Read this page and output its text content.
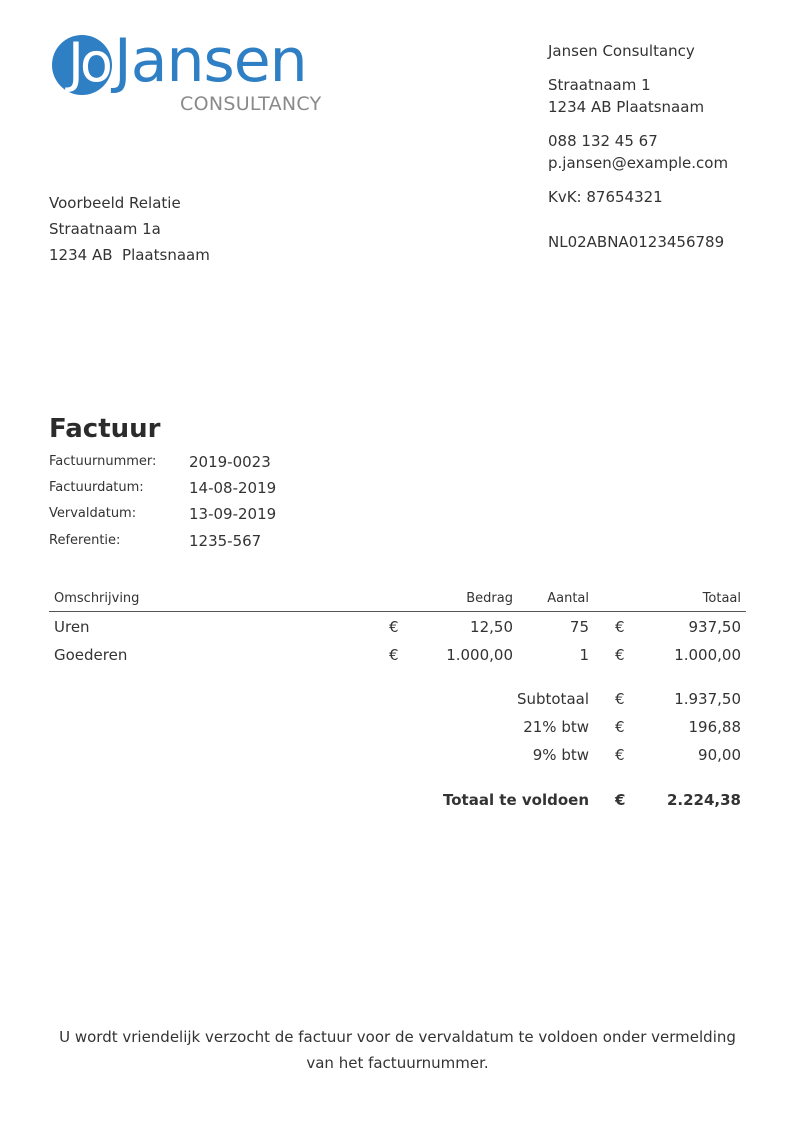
Jo Jansen
CONSULTANCY
Jansen Consultancy
Straatnaam 1
1234 AB Plaatsnaam
088 132 45 67
p.jansen@example.com
KvK: 87654321
NL02ABNA0123456789
Voorbeeld Relatie
Straatnaam 1a
1234 AB  Plaatsnaam
Factuur
Factuurnummer: 2019-0023
Factuurdatum:	14-08-2019
Vervaldatum:	13-09-2019
Referentie:	1235-567
Omschrijving	Bedrag	Aantal	Totaal
Uren	€	12,50	75 €	937,50
Goederen	€	1.000,00	1 €	1.000,00
Subtotaal €	1.937,50
21% btw €	196,88
9% btw €	90,00
Totaal te voldoen €	2.224,38
U wordt vriendelijk verzocht de factuur voor de vervaldatum te voldoen onder vermelding van het factuurnummer.
